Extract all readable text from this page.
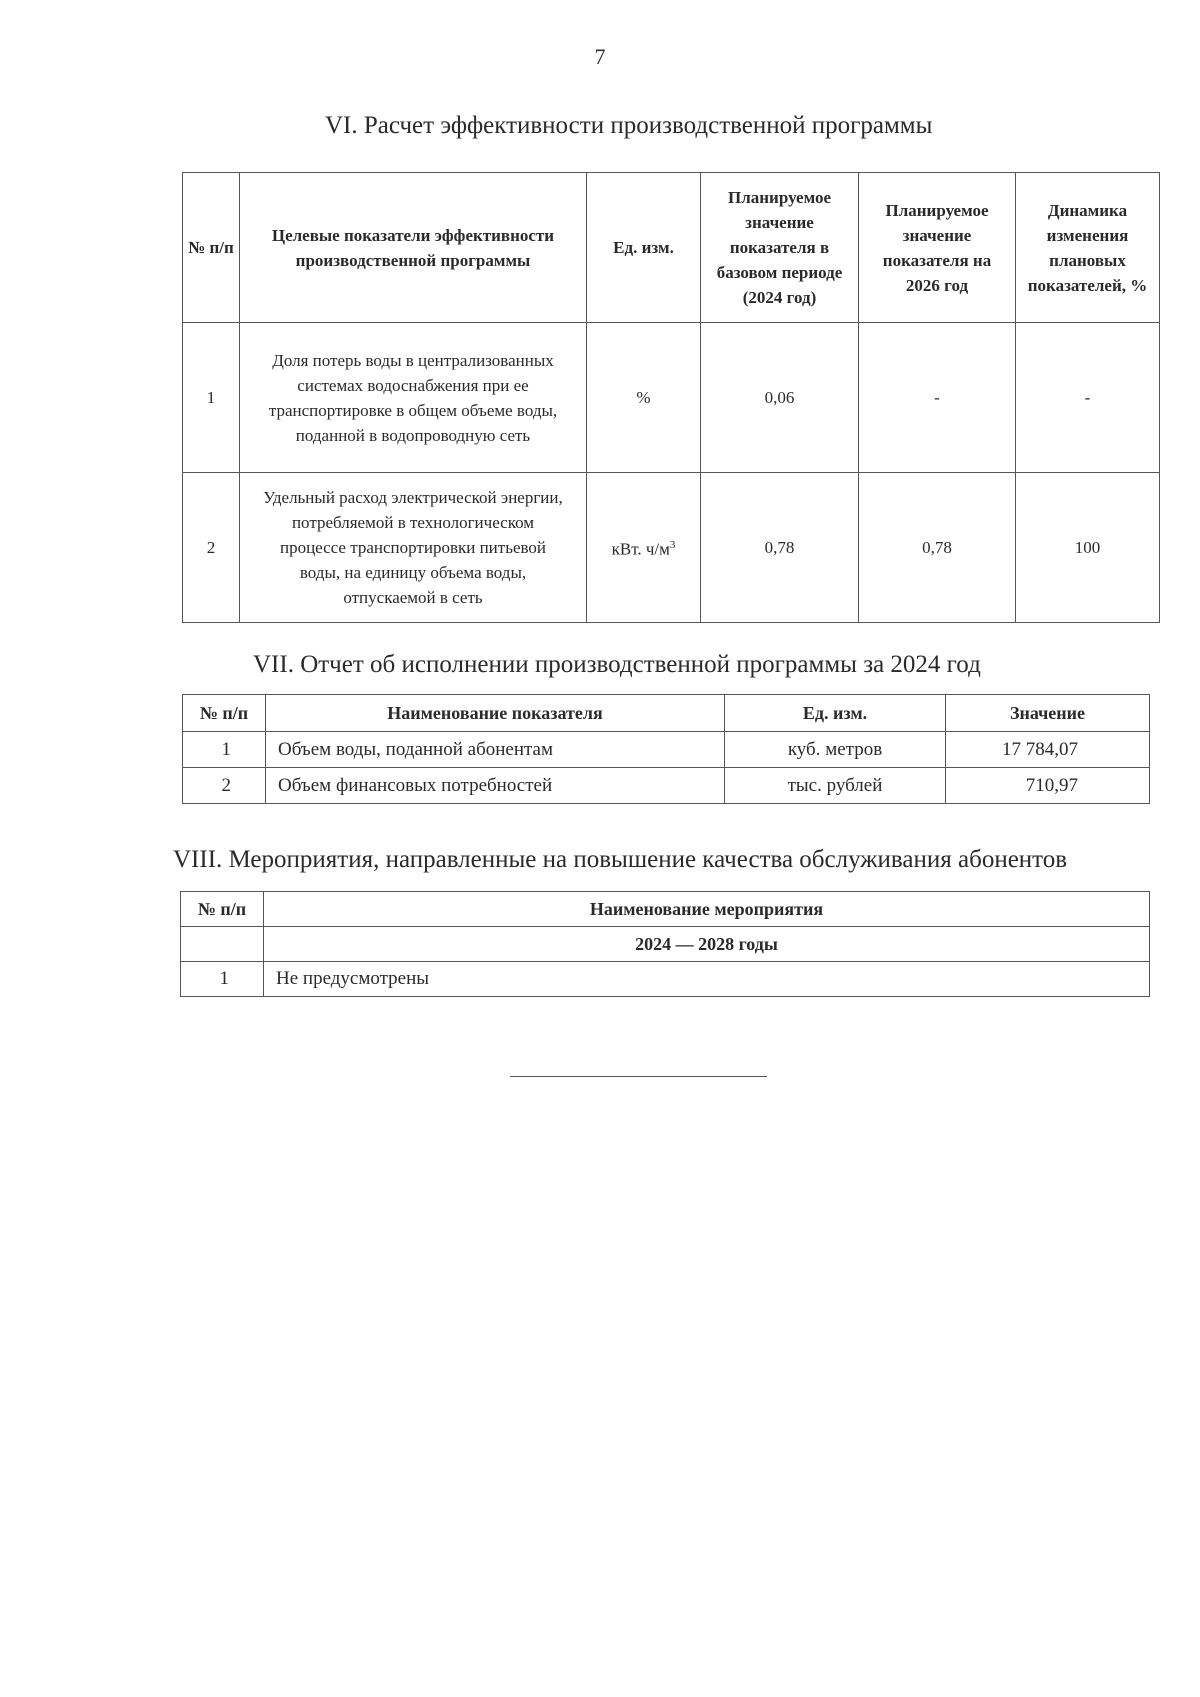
7
VI. Расчет эффективности производственной программы
№ п/п	Целевые показатели эффективности производственной программы	Ед. изм.	Планируемое значение показателя в базовом периоде (2024 год)	Планируемое значение показателя на 2026 год	Динамика изменения плановых показателей, %
1	Доля потерь воды в централизованных системах водоснабжения при ее транспортировке в общем объеме воды, поданной в водопроводную сеть	%	0,06	-	-
2	Удельный расход электрической энергии, потребляемой в технологическом процессе транспортировки питьевой воды, на единицу объема воды, отпускаемой в сеть	кВт. $ч/м^3$	0,78	0,78	100
VII. Отчет об исполнении производственной программы за 2024 год
№ п/п	Наименование показателя	Ед. изм.	Значение
1	Объем воды, поданной абонентам	куб. метров	17 784,07
2	Объем финансовых потребностей	тыс. рублей	710,97
VIII. Мероприятия, направленные на повышение качества обслуживания абонентов
№ п/п	Наименование мероприятия
	2024 — 2028 годы
1	Не предусмотрены
